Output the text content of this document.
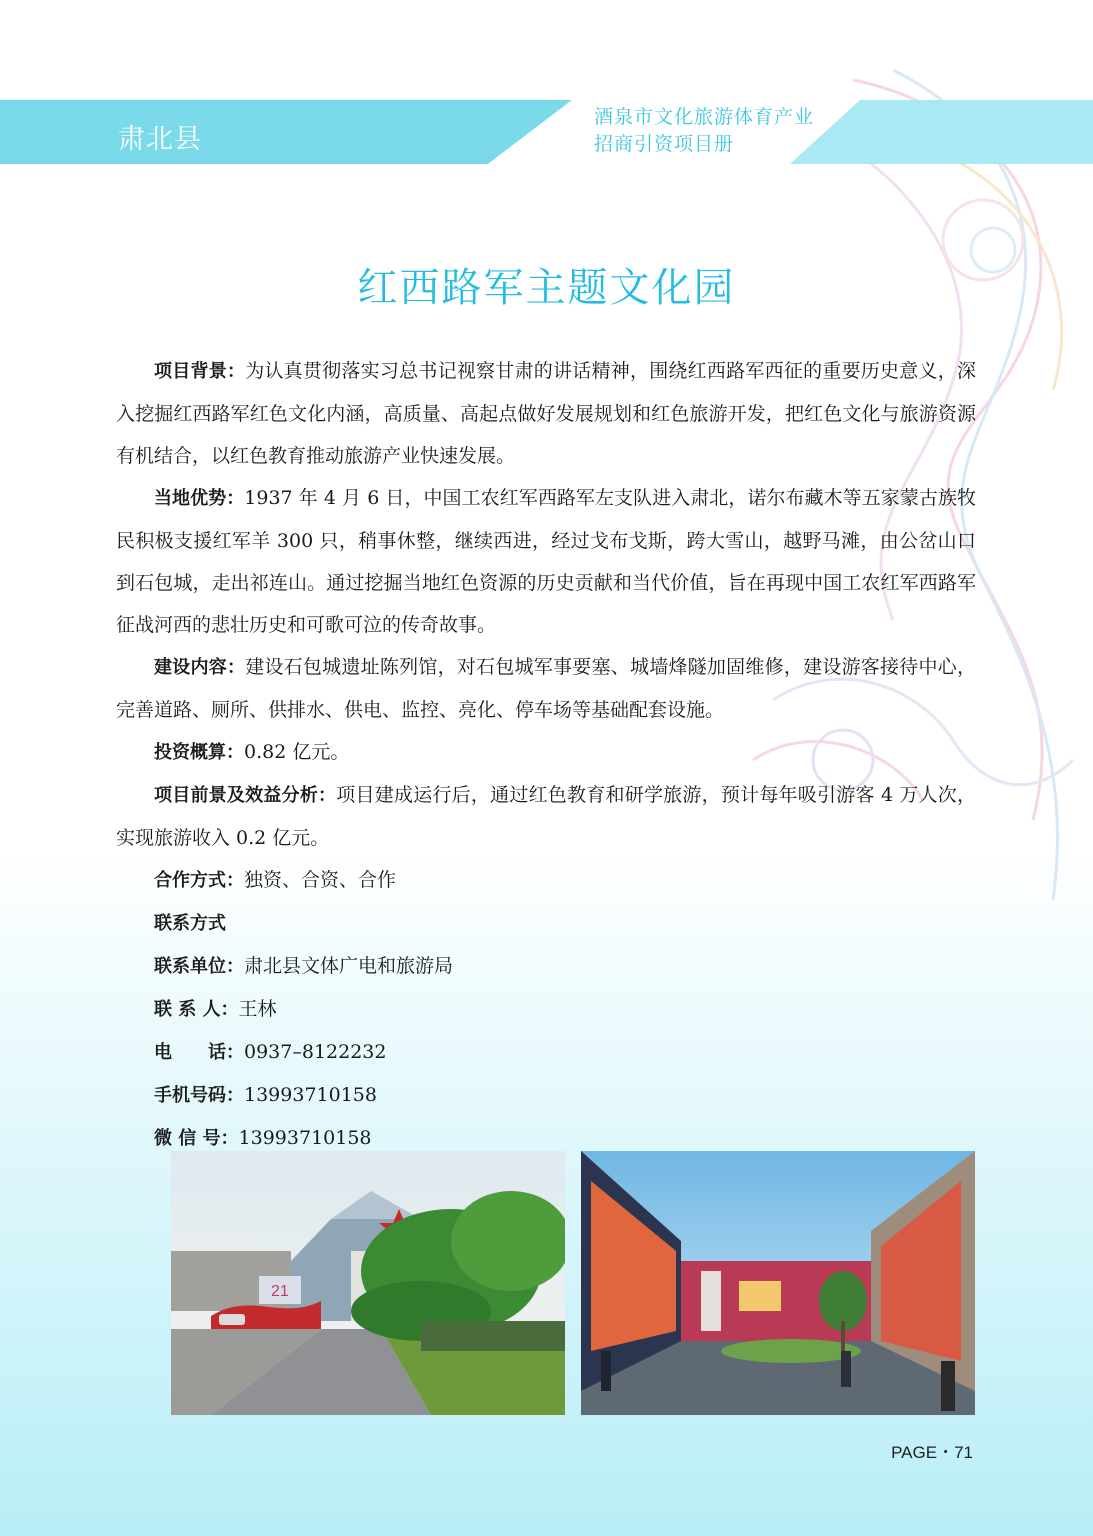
肃北县
酒泉市文化旅游体育产业
招商引资项目册
红西路军主题文化园

项目背景：为认真贯彻落实习总书记视察甘肃的讲话精神，围绕红西路军西征的重要历史意义，深入挖掘红西路军红色文化内涵，高质量、高起点做好发展规划和红色旅游开发，把红色文化与旅游资源有机结合，以红色教育推动旅游产业快速发展。

当地优势：1937 年 4 月 6 日，中国工农红军西路军左支队进入肃北，诺尔布藏木等五家蒙古族牧民积极支援红军羊 300 只，稍事休整，继续西进，经过戈布戈斯，跨大雪山，越野马滩，由公岔山口到石包城，走出祁连山。通过挖掘当地红色资源的历史贡献和当代价值，旨在再现中国工农红军西路军征战河西的悲壮历史和可歌可泣的传奇故事。

建设内容：建设石包城遗址陈列馆，对石包城军事要塞、城墙烽隧加固维修，建设游客接待中心，完善道路、厕所、供排水、供电、监控、亮化、停车场等基础配套设施。

投资概算：0.82 亿元。

项目前景及效益分析：项目建成运行后，通过红色教育和研学旅游，预计每年吸引游客 4 万人次，实现旅游收入 0.2 亿元。

合作方式：独资、合资、合作

联系方式

联系单位：肃北县文体广电和旅游局

联 系 人：王林

电　　话：0937–8122232

手机号码：13993710158

微 信 号：13993710158

21
PAGE・71
